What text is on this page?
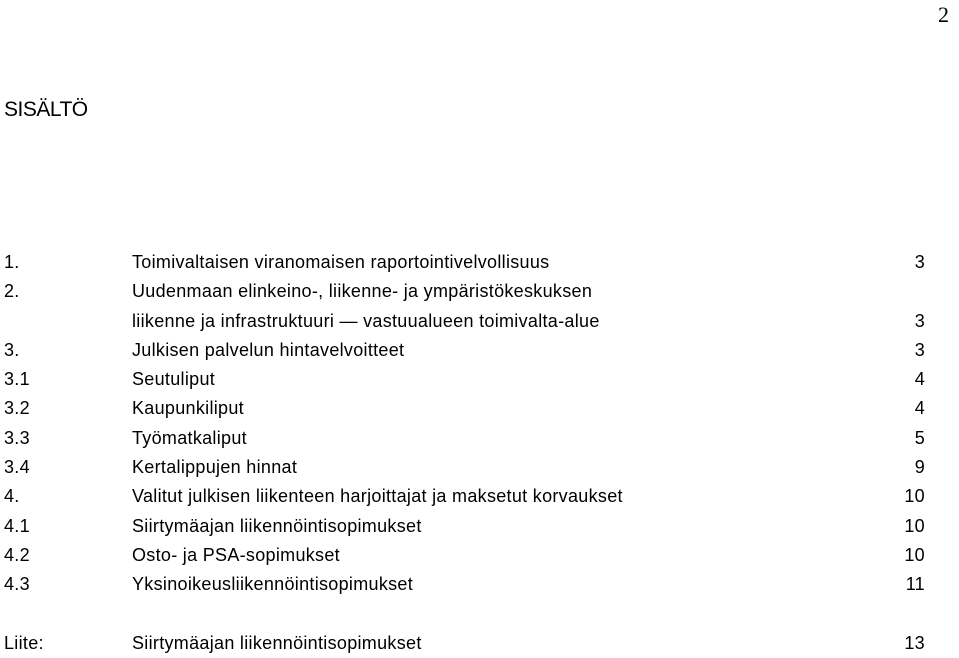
2
SISÄLTÖ
1.	Toimivaltaisen viranomaisen raportointivelvollisuus	3
2.	Uudenmaan elinkeino-, liikenne- ja ympäristökeskuksen
liikenne ja infrastruktuuri — vastuualueen toimivalta-alue	3
3.	Julkisen palvelun hintavelvoitteet	3
3.1	Seutuliput	4
3.2	Kaupunkiliput	4
3.3	Työmatkaliput	5
3.4	Kertalippujen hinnat	9
4.	Valitut julkisen liikenteen harjoittajat ja maksetut korvaukset	10
4.1	Siirtymäajan liikennöintisopimukset	10
4.2	Osto- ja PSA-sopimukset	10
4.3	Yksinoikeusliikennöintisopimukset	11
Liite:	Siirtymäajan liikennöintisopimukset	13
